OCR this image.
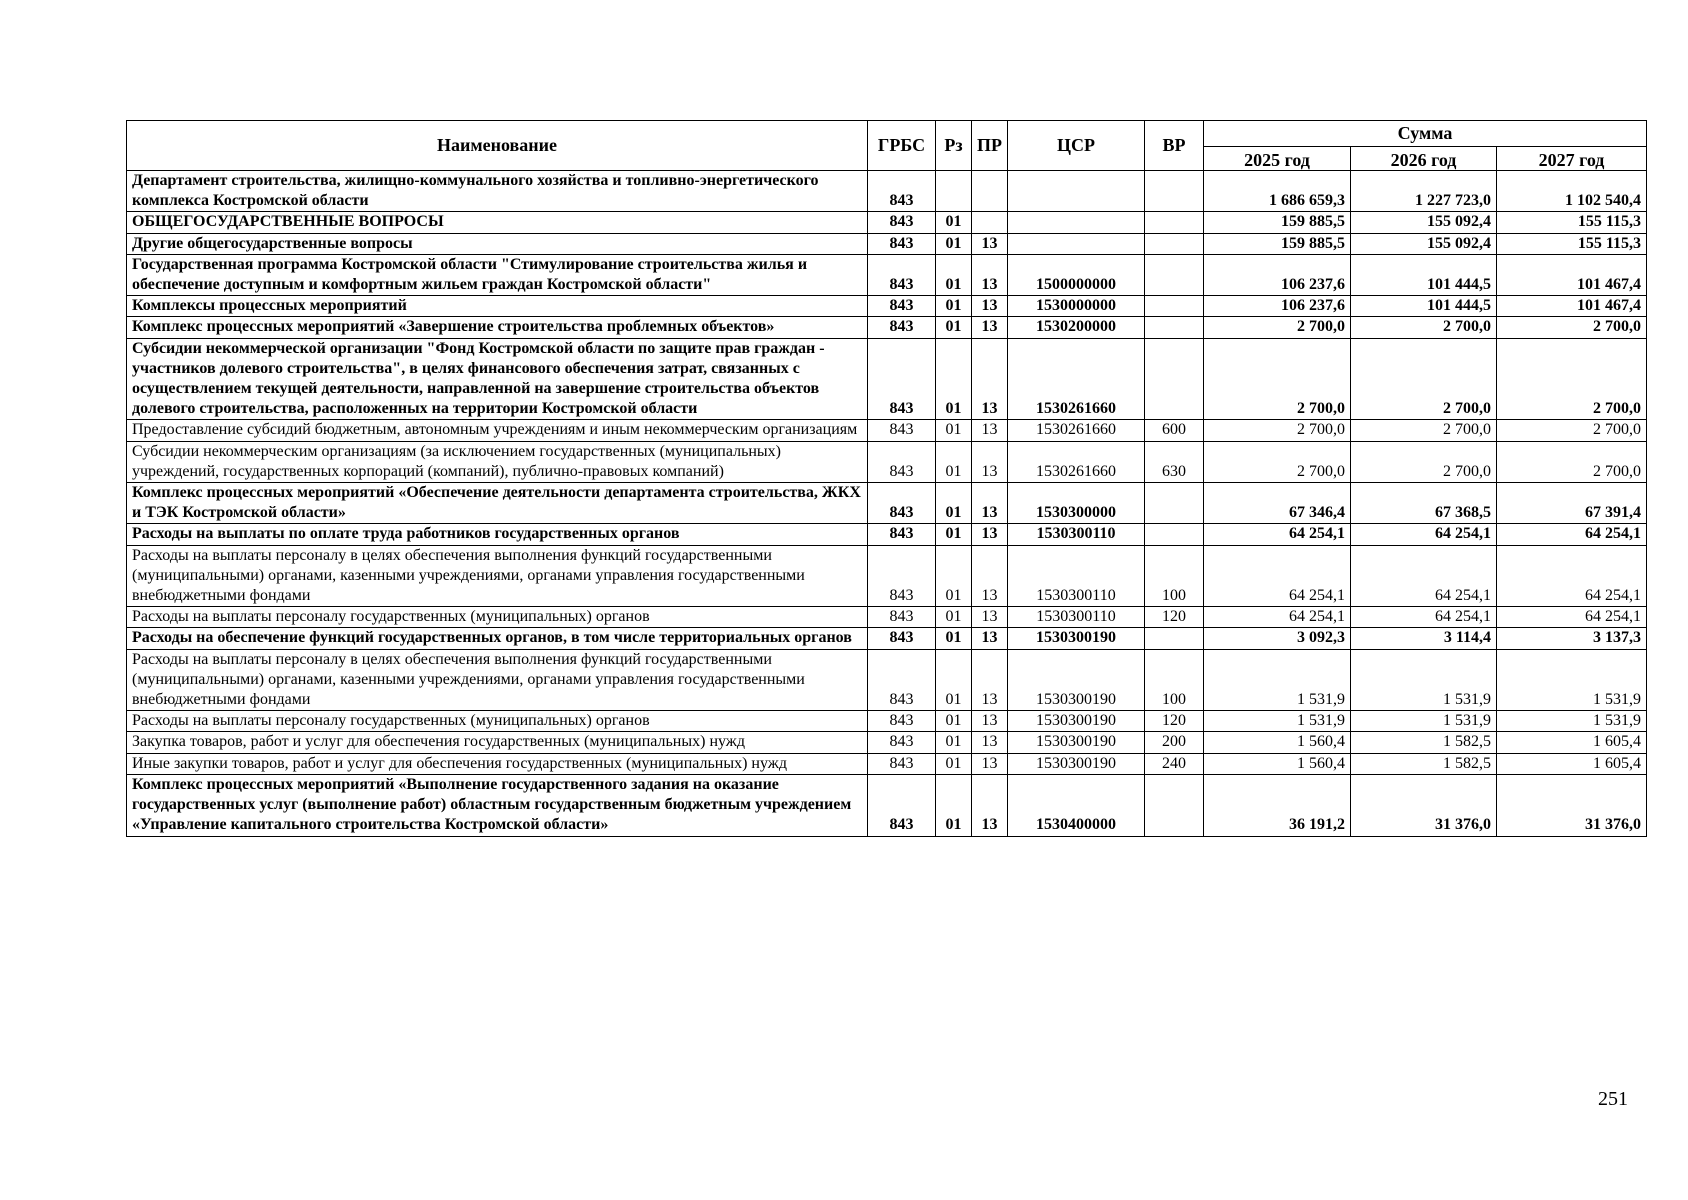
Наименование	ГРБС	Рз	ПР	ЦСР	ВР	Сумма		
						2025 год	2026 год	2027 год
Департамент строительства, жилищно-коммунального хозяйства и топливно-энергетического комплекса Костромской области	843					1 686 659,3	1 227 723,0	1 102 540,4
ОБЩЕГОСУДАРСТВЕННЫЕ ВОПРОСЫ	843	01				159 885,5	155 092,4	155 115,3
Другие общегосударственные вопросы	843	01	13			159 885,5	155 092,4	155 115,3
Государственная программа Костромской области "Стимулирование строительства жилья и обеспечение доступным и комфортным жильем граждан Костромской области"	843	01	13	1500000000		106 237,6	101 444,5	101 467,4
Комплексы процессных мероприятий	843	01	13	1530000000		106 237,6	101 444,5	101 467,4
Комплекс процессных мероприятий «Завершение строительства проблемных объектов»	843	01	13	1530200000		2 700,0	2 700,0	2 700,0
Субсидии некоммерческой организации "Фонд Костромской области по защите прав граждан - участников долевого строительства", в целях финансового обеспечения затрат, связанных с осуществлением текущей деятельности, направленной на завершение строительства объектов долевого строительства, расположенных на территории Костромской области	843	01	13	1530261660		2 700,0	2 700,0	2 700,0
Предоставление субсидий бюджетным, автономным учреждениям и иным некоммерческим организациям	843	01	13	1530261660	600	2 700,0	2 700,0	2 700,0
Субсидии некоммерческим организациям (за исключением государственных (муниципальных) учреждений, государственных корпораций (компаний), публично-правовых компаний)	843	01	13	1530261660	630	2 700,0	2 700,0	2 700,0
Комплекс процессных мероприятий «Обеспечение деятельности департамента строительства, ЖКХ и ТЭК Костромской области»	843	01	13	1530300000		67 346,4	67 368,5	67 391,4
Расходы на выплаты по оплате труда работников государственных органов	843	01	13	1530300110		64 254,1	64 254,1	64 254,1
Расходы на выплаты персоналу в целях обеспечения выполнения функций государственными (муниципальными) органами, казенными учреждениями, органами управления государственными внебюджетными фондами	843	01	13	1530300110	100	64 254,1	64 254,1	64 254,1
Расходы на выплаты персоналу государственных (муниципальных) органов	843	01	13	1530300110	120	64 254,1	64 254,1	64 254,1
Расходы на обеспечение функций государственных органов, в том числе территориальных органов	843	01	13	1530300190		3 092,3	3 114,4	3 137,3
Расходы на выплаты персоналу в целях обеспечения выполнения функций государственными (муниципальными) органами, казенными учреждениями, органами управления государственными внебюджетными фондами	843	01	13	1530300190	100	1 531,9	1 531,9	1 531,9
Расходы на выплаты персоналу государственных (муниципальных) органов	843	01	13	1530300190	120	1 531,9	1 531,9	1 531,9
Закупка товаров, работ и услуг для обеспечения государственных (муниципальных) нужд	843	01	13	1530300190	200	1 560,4	1 582,5	1 605,4
Иные закупки товаров, работ и услуг для обеспечения государственных (муниципальных) нужд	843	01	13	1530300190	240	1 560,4	1 582,5	1 605,4
Комплекс процессных мероприятий «Выполнение государственного задания на оказание государственных услуг (выполнение работ) областным государственным бюджетным учреждением «Управление капитального строительства Костромской области»	843	01	13	1530400000		36 191,2	31 376,0	31 376,0
251
